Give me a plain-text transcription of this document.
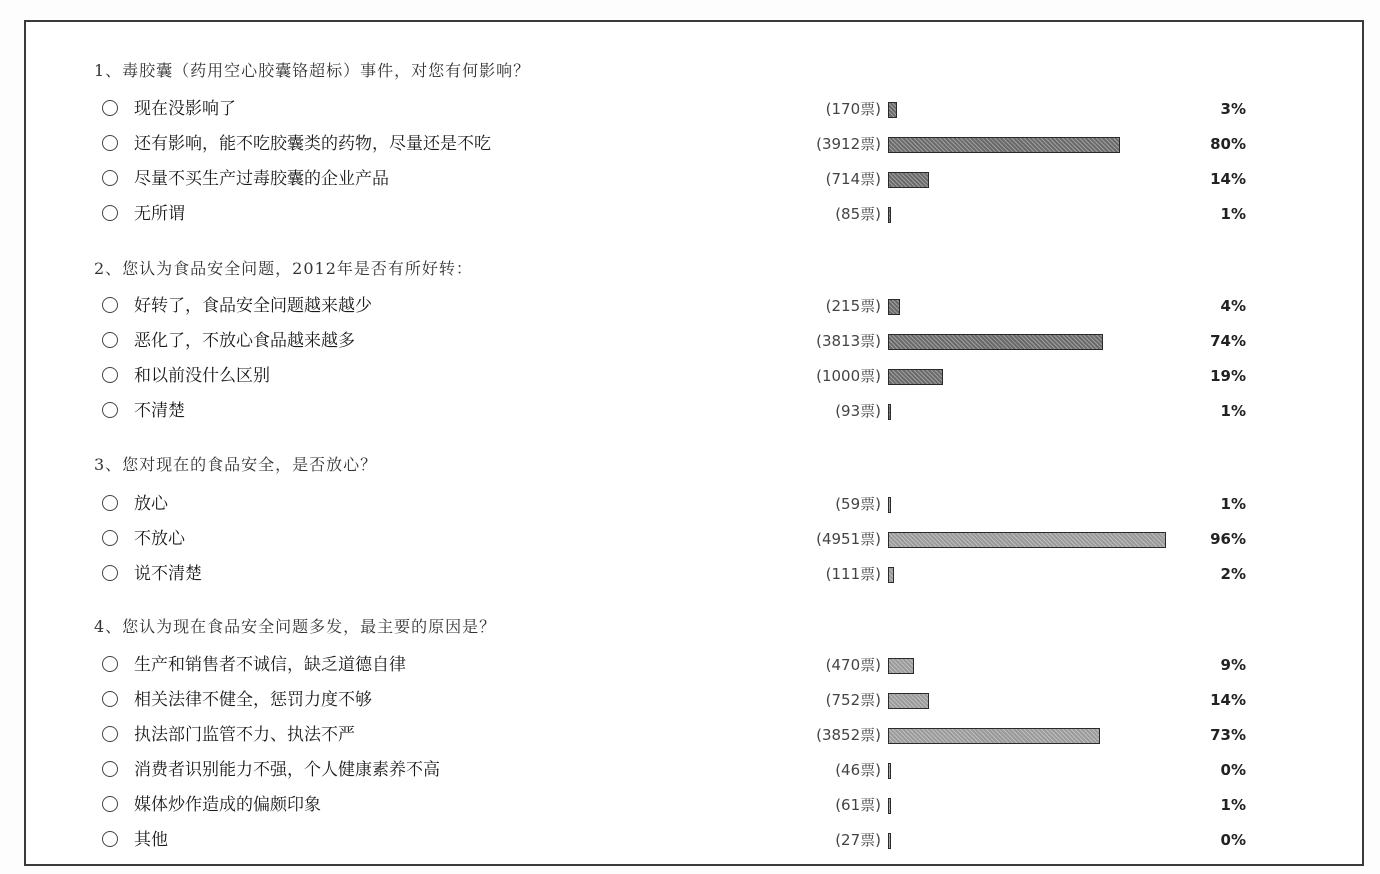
1、毒胶囊（药用空心胶囊铬超标）事件，对您有何影响？
现在没影响了	(170票)	3%
还有影响，能不吃胶囊类的药物，尽量还是不吃	(3912票)	80%
尽量不买生产过毒胶囊的企业产品	(714票)	14%
无所谓	(85票)	1%
2、您认为食品安全问题，2012年是否有所好转：
好转了，食品安全问题越来越少	(215票)	4%
恶化了，不放心食品越来越多	(3813票)	74%
和以前没什么区别	(1000票)	19%
不清楚	(93票)	1%
3、您对现在的食品安全，是否放心？
放心	(59票)	1%
不放心	(4951票)	96%
说不清楚	(111票)	2%
4、您认为现在食品安全问题多发，最主要的原因是？
生产和销售者不诚信，缺乏道德自律	(470票)	9%
相关法律不健全，惩罚力度不够	(752票)	14%
执法部门监管不力、执法不严	(3852票)	73%
消费者识别能力不强，个人健康素养不高	(46票)	0%
媒体炒作造成的偏颇印象	(61票)	1%
其他	(27票)	0%
